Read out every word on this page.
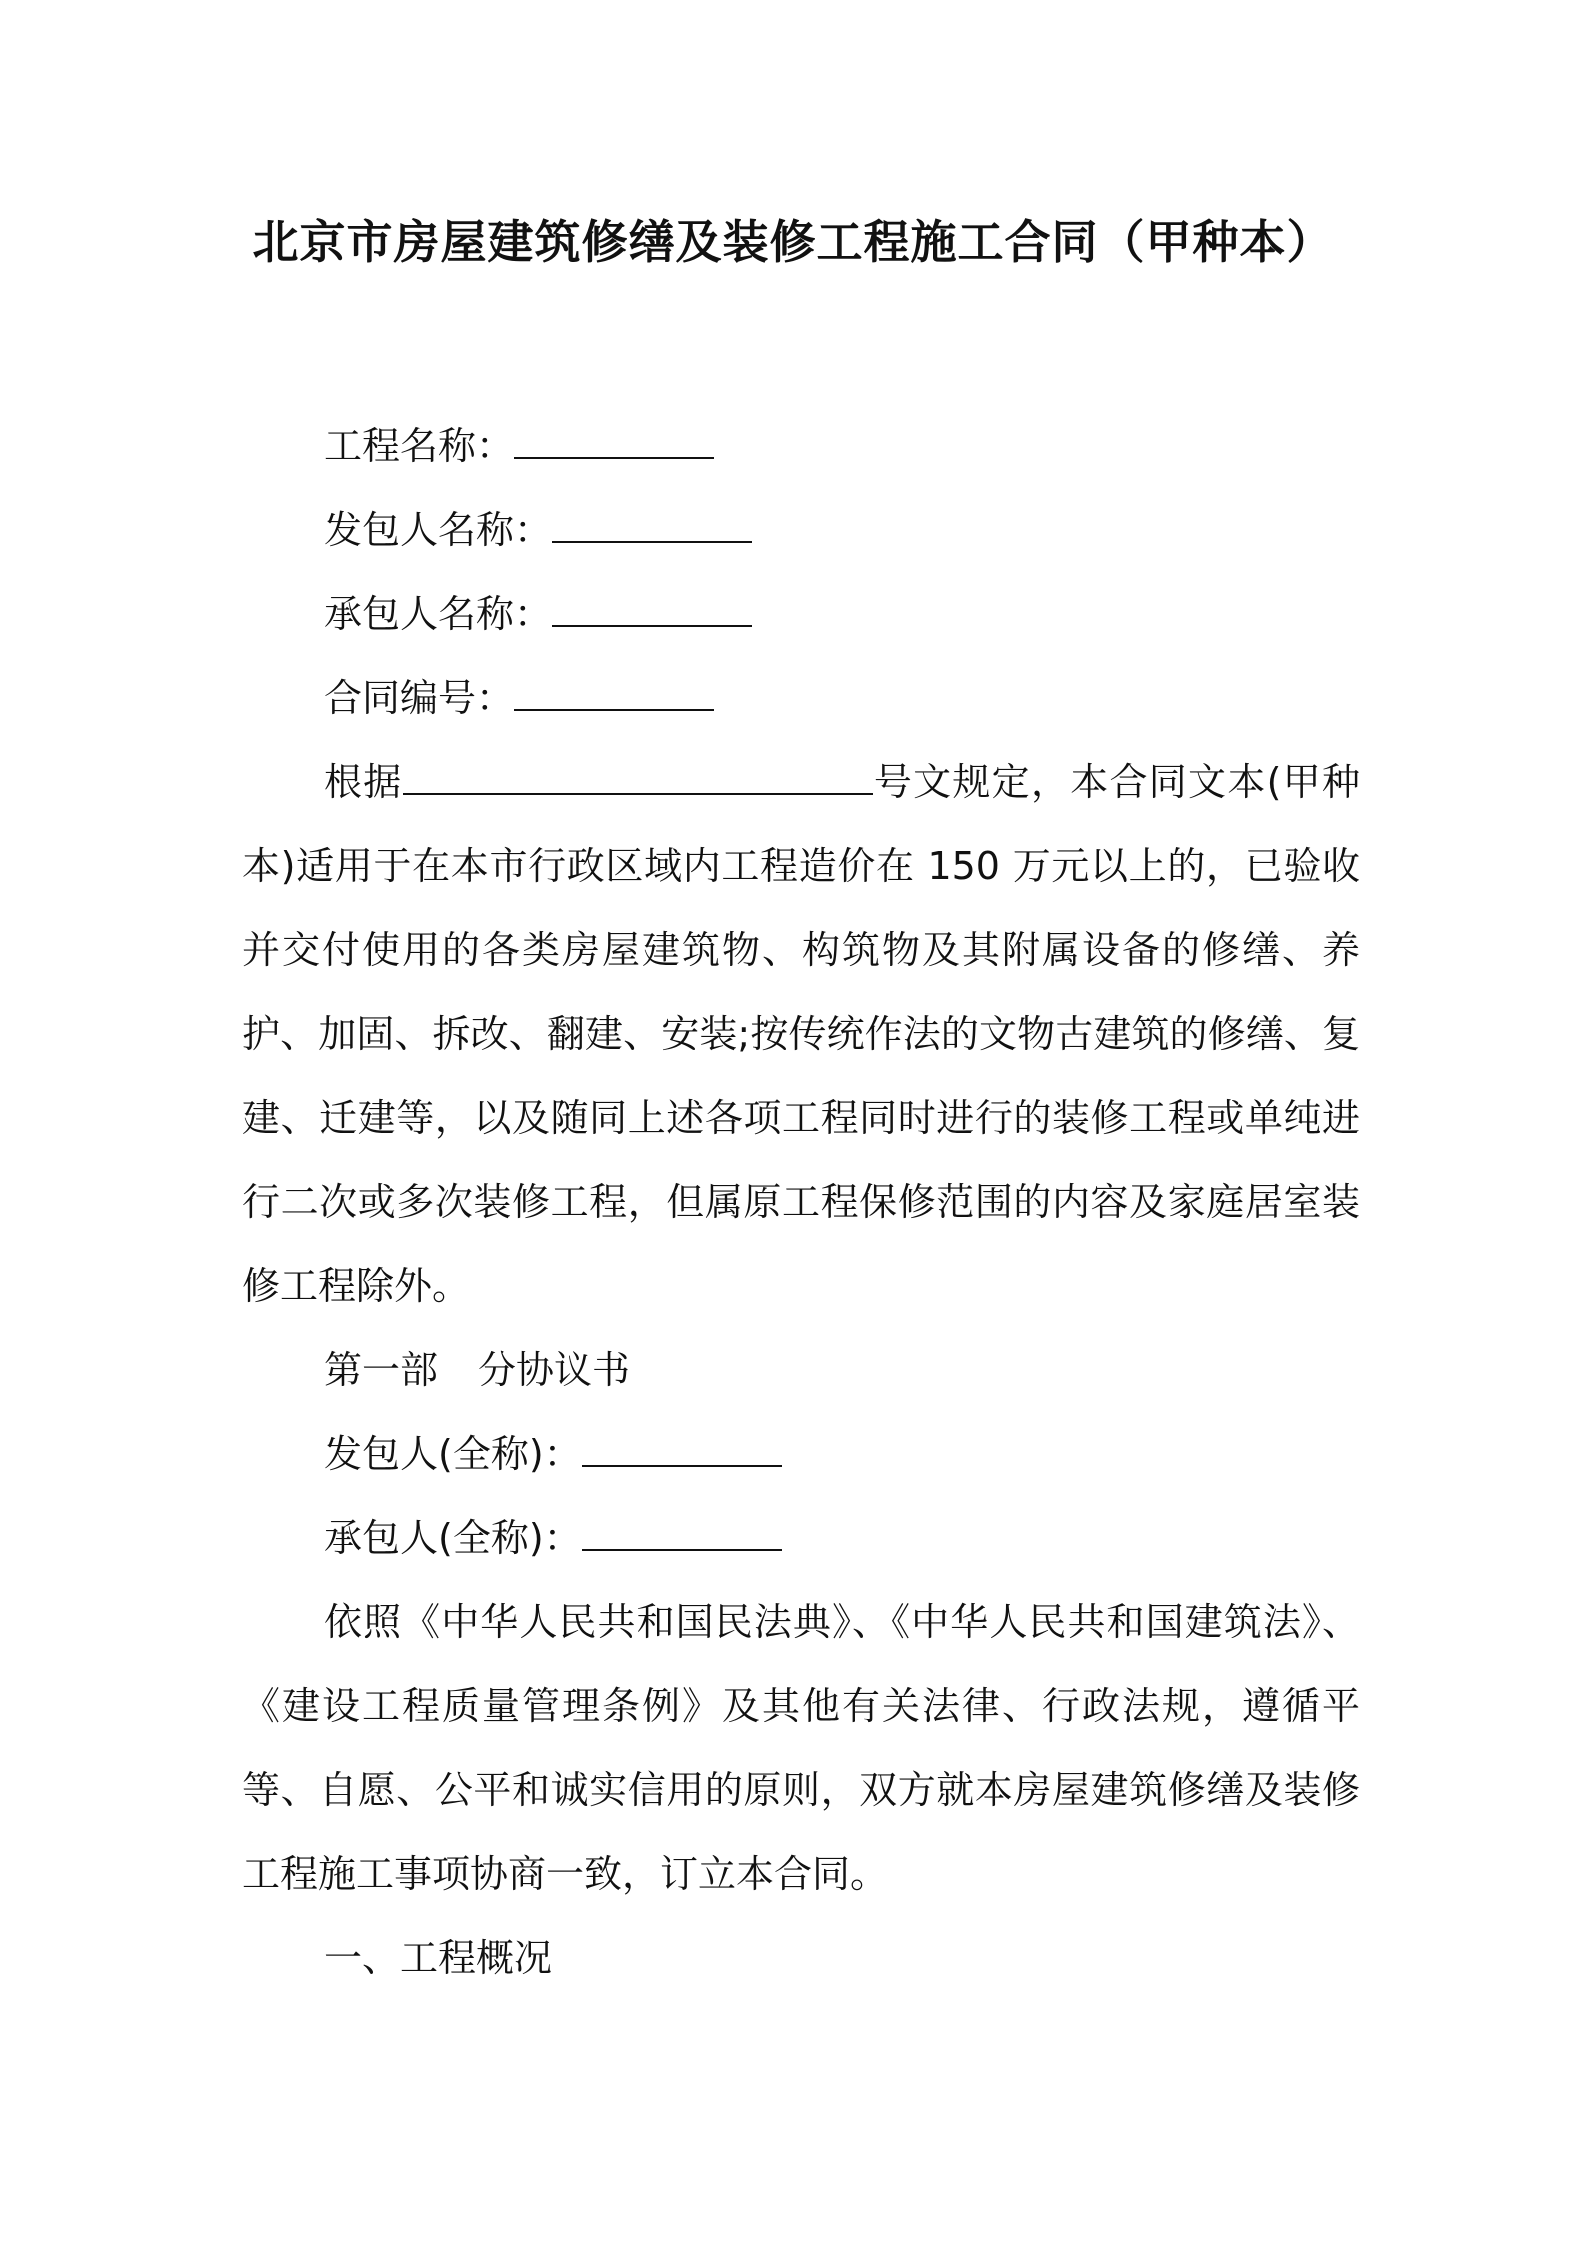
北京市房屋建筑修缮及装修工程施工合同（甲种本）

工程名称：

发包人名称：

承包人名称：

合同编号：

根据	号文规定，本合同文本(甲种本)适用于在本市行政区域内工程造价在 150 万元以上的，已验收并交付使用的各类房屋建筑物、构筑物及其附属设备的修缮、养护、加固、拆改、翻建、安装;按传统作法的文物古建筑的修缮、复建、迁建等，以及随同上述各项工程同时进行的装修工程或单纯进行二次或多次装修工程，但属原工程保修范围的内容及家庭居室装修工程除外。

第一部 分协议书

发包人(全称)：

承包人(全称)：

依照《中华人民共和国民法典》、《中华人民共和国建筑法》、《建设工程质量管理条例》及其他有关法律、行政法规，遵循平等、自愿、公平和诚实信用的原则，双方就本房屋建筑修缮及装修工程施工事项协商一致，订立本合同。

一、工程概况
